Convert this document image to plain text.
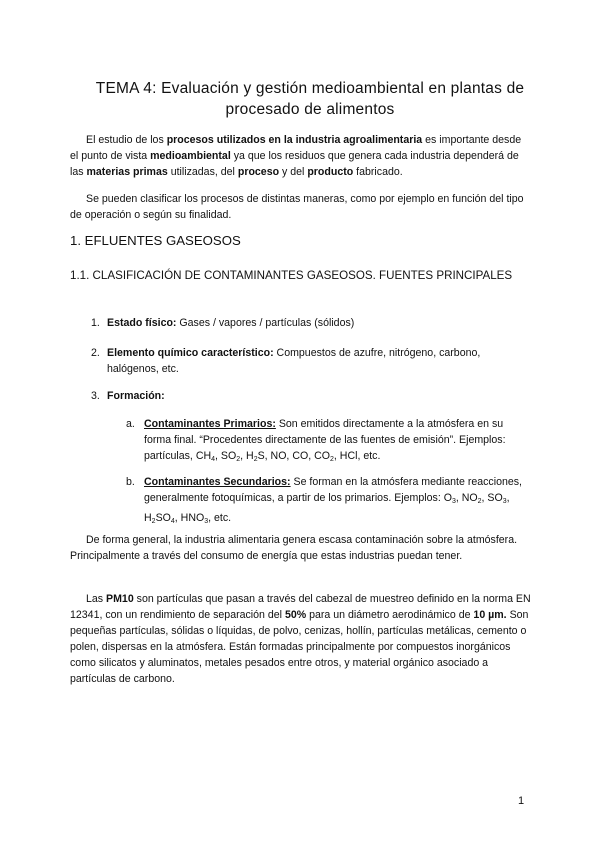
TEMA 4: Evaluación y gestión medioambiental en plantas de procesado de alimentos

El estudio de los procesos utilizados en la industria agroalimentaria es importante desde el punto de vista medioambiental ya que los residuos que genera cada industria dependerá de las materias primas utilizadas, del proceso y del producto fabricado.

Se pueden clasificar los procesos de distintas maneras, como por ejemplo en función del tipo de operación o según su finalidad.

1. EFLUENTES GASEOSOS
1.1. CLASIFICACIÓN DE CONTAMINANTES GASEOSOS. FUENTES PRINCIPALES
1. Estado físico: Gases / vapores / partículas (sólidos)
2. Elemento químico característico: Compuestos de azufre, nitrógeno, carbono, halógenos, etc.
3. Formación:
a. Contaminantes Primarios: Son emitidos directamente a la atmósfera en su forma final. “Procedentes directamente de las fuentes de emisión”. Ejemplos: partículas, $CH_4$, $SO_2$, $H_2S$, NO, CO, $CO_2$, HCl, etc.
b. Contaminantes Secundarios: Se forman en la atmósfera mediante reacciones, generalmente fotoquímicas, a partir de los primarios. Ejemplos: $O_3$, $NO_2$, $SO_3$, $H_2SO_4$, $HNO_3$, etc.

De forma general, la industria alimentaria genera escasa contaminación sobre la atmósfera. Principalmente a través del consumo de energía que estas industrias puedan tener.

Las PM10 son partículas que pasan a través del cabezal de muestreo definido en la norma EN 12341, con un rendimiento de separación del 50% para un diámetro aerodinámico de 10 µm. Son pequeñas partículas, sólidas o líquidas, de polvo, cenizas, hollín, partículas metálicas, cemento o polen, dispersas en la atmósfera. Están formadas principalmente por compuestos inorgánicos como silicatos y aluminatos, metales pesados entre otros, y material orgánico asociado a partículas de carbono.

1
